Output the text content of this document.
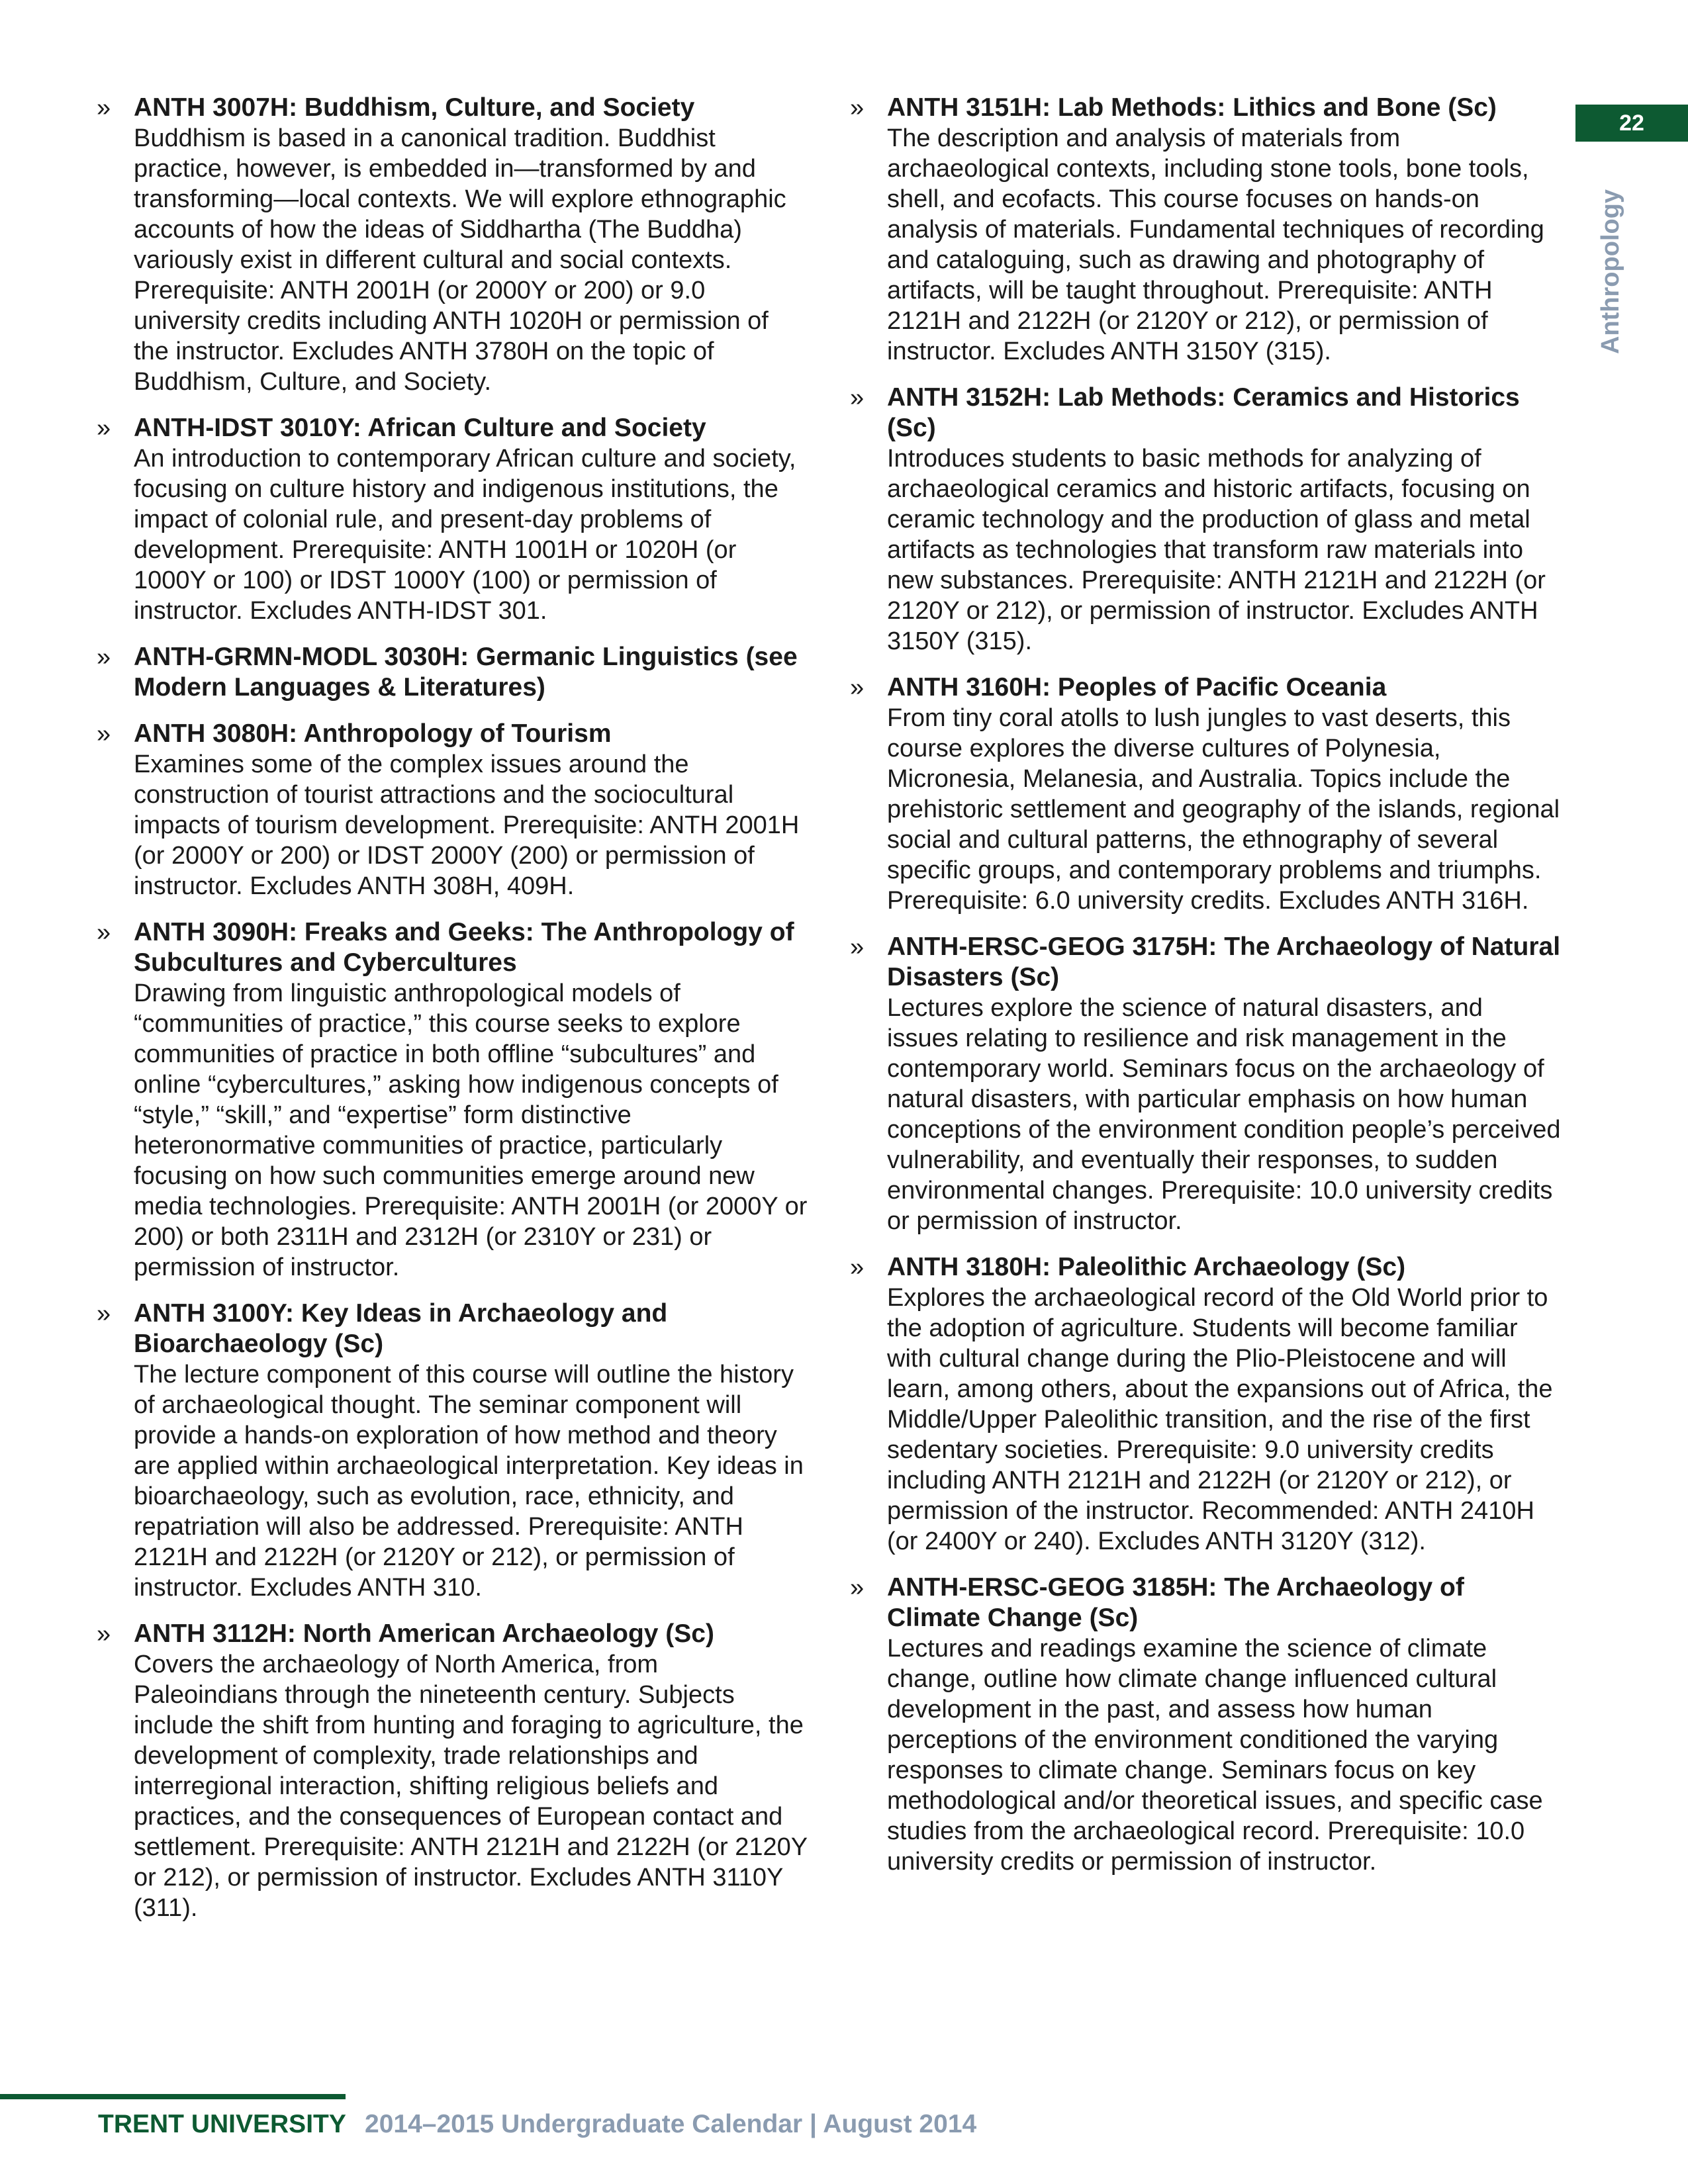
22
Anthropology
» ANTH 3007H: Buddhism, Culture, and Society

Buddhism is based in a canonical tradition. Buddhist practice, however, is embedded in—transformed by and transforming—local contexts. We will explore ethnographic accounts of how the ideas of Siddhartha (The Buddha) variously exist in different cultural and social contexts. Prerequisite: ANTH 2001H (or 2000Y or 200) or 9.0 university credits including ANTH 1020H or permission of the instructor. Excludes ANTH 3780H on the topic of Buddhism, Culture, and Society.

» ANTH-IDST 3010Y: African Culture and Society

An introduction to contemporary African culture and society, focusing on culture history and indigenous institutions, the impact of colonial rule, and present-day problems of development. Prerequisite: ANTH 1001H or 1020H (or 1000Y or 100) or IDST 1000Y (100) or permission of instructor. Excludes ANTH-IDST 301.

» ANTH-GRMN-MODL 3030H: Germanic Linguistics (see Modern Languages & Literatures)

» ANTH 3080H: Anthropology of Tourism

Examines some of the complex issues around the construction of tourist attractions and the sociocultural impacts of tourism development. Prerequisite: ANTH 2001H (or 2000Y or 200) or IDST 2000Y (200) or permission of instructor. Excludes ANTH 308H, 409H.

» ANTH 3090H: Freaks and Geeks: The Anthropology of Subcultures and Cybercultures

Drawing from linguistic anthropological models of “communities of practice,” this course seeks to explore communities of practice in both offline “subcultures” and online “cybercultures,” asking how indigenous concepts of “style,” “skill,” and “expertise” form distinctive heteronormative communities of practice, particularly focusing on how such communities emerge around new media technologies. Prerequisite: ANTH 2001H (or 2000Y or 200) or both 2311H and 2312H (or 2310Y or 231) or permission of instructor.

» ANTH 3100Y: Key Ideas in Archaeology and Bioarchaeology (Sc)

The lecture component of this course will outline the history of archaeological thought. The seminar component will provide a hands-on exploration of how method and theory are applied within archaeological interpretation. Key ideas in bioarchaeology, such as evolution, race, ethnicity, and repatriation will also be addressed. Prerequisite: ANTH 2121H and 2122H (or 2120Y or 212), or permission of instructor. Excludes ANTH 310.

» ANTH 3112H: North American Archaeology (Sc)

Covers the archaeology of North America, from Paleoindians through the nineteenth century. Subjects include the shift from hunting and foraging to agriculture, the development of complexity, trade relationships and interregional interaction, shifting religious beliefs and practices, and the consequences of European contact and settlement. Prerequisite: ANTH 2121H and 2122H (or 2120Y or 212), or permission of instructor. Excludes ANTH 3110Y (311).

» ANTH 3151H: Lab Methods: Lithics and Bone (Sc)

The description and analysis of materials from archaeological contexts, including stone tools, bone tools, shell, and ecofacts. This course focuses on hands-on analysis of materials. Fundamental techniques of recording and cataloguing, such as drawing and photography of artifacts, will be taught throughout. Prerequisite: ANTH 2121H and 2122H (or 2120Y or 212), or permission of instructor. Excludes ANTH 3150Y (315).

» ANTH 3152H: Lab Methods: Ceramics and Historics (Sc)

Introduces students to basic methods for analyzing of archaeological ceramics and historic artifacts, focusing on ceramic technology and the production of glass and metal artifacts as technologies that transform raw materials into new substances. Prerequisite: ANTH 2121H and 2122H (or 2120Y or 212), or permission of instructor. Excludes ANTH 3150Y (315).

» ANTH 3160H: Peoples of Pacific Oceania

From tiny coral atolls to lush jungles to vast deserts, this course explores the diverse cultures of Polynesia, Micronesia, Melanesia, and Australia. Topics include the prehistoric settlement and geography of the islands, regional social and cultural patterns, the ethnography of several specific groups, and contemporary problems and triumphs. Prerequisite: 6.0 university credits. Excludes ANTH 316H.

» ANTH-ERSC-GEOG 3175H: The Archaeology of Natural Disasters (Sc)

Lectures explore the science of natural disasters, and issues relating to resilience and risk management in the contemporary world. Seminars focus on the archaeology of natural disasters, with particular emphasis on how human conceptions of the environment condition people’s perceived vulnerability, and eventually their responses, to sudden environmental changes. Prerequisite: 10.0 university credits or permission of instructor.

» ANTH 3180H: Paleolithic Archaeology (Sc)

Explores the archaeological record of the Old World prior to the adoption of agriculture. Students will become familiar with cultural change during the Plio-Pleistocene and will learn, among others, about the expansions out of Africa, the Middle/Upper Paleolithic transition, and the rise of the first sedentary societies. Prerequisite: 9.0 university credits including ANTH 2121H and 2122H (or 2120Y or 212), or permission of the instructor. Recommended: ANTH 2410H (or 2400Y or 240). Excludes ANTH 3120Y (312).

» ANTH-ERSC-GEOG 3185H: The Archaeology of Climate Change (Sc)

Lectures and readings examine the science of climate change, outline how climate change influenced cultural development in the past, and assess how human perceptions of the environment conditioned the varying responses to climate change. Seminars focus on key methodological and/or theoretical issues, and specific case studies from the archaeological record. Prerequisite: 10.0 university credits or permission of instructor.

TRENT UNIVERSITY 2014–2015 Undergraduate Calendar | August 2014
